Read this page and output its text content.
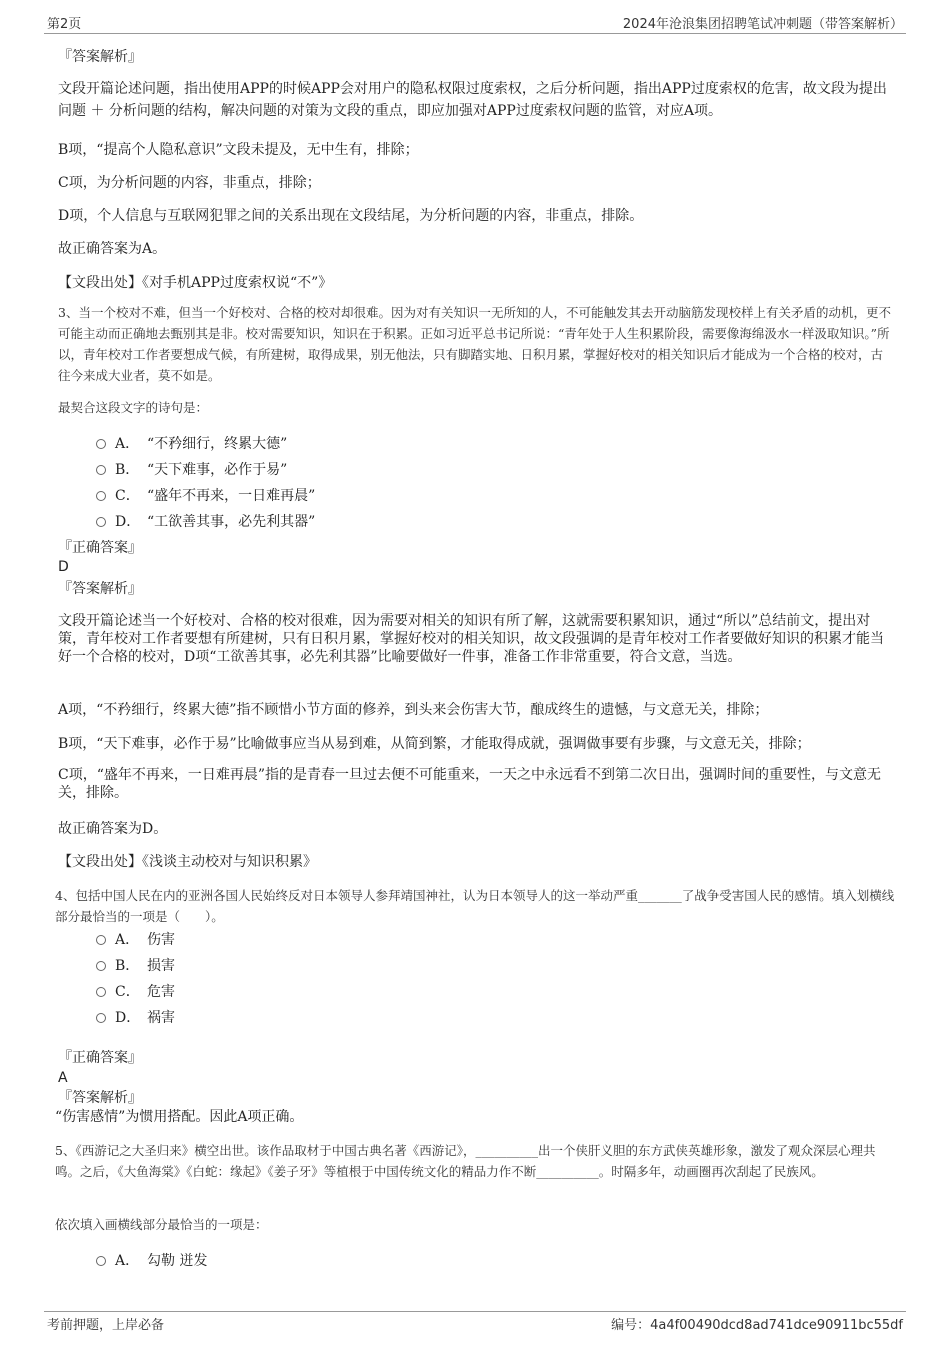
第2页	2024年沧浪集团招聘笔试冲刺题（带答案解析）
『答案解析』
文段开篇论述问题，指出使用APP的时候APP会对用户的隐私权限过度索权，之后分析问题，指出APP过度索权的危害，故文段为提出问题 ＋ 分析问题的结构，解决问题的对策为文段的重点，即应加强对APP过度索权问题的监管，对应A项。
B项，“提高个人隐私意识”文段未提及，无中生有，排除；
C项，为分析问题的内容，非重点，排除；
D项，个人信息与互联网犯罪之间的关系出现在文段结尾，为分析问题的内容，非重点，排除。
故正确答案为A。
【文段出处】《对手机APP过度索权说“不”》
3、当一个校对不难，但当一个好校对、合格的校对却很难。因为对有关知识一无所知的人，不可能触发其去开动脑筋发现校样上有关矛盾的动机，更不可能主动而正确地去甄别其是非。校对需要知识，知识在于积累。正如习近平总书记所说：“青年处于人生积累阶段，需要像海绵汲水一样汲取知识。”所以，青年校对工作者要想成气候，有所建树，取得成果，别无他法，只有脚踏实地、日积月累，掌握好校对的相关知识后才能成为一个合格的校对，古往今来成大业者，莫不如是。
最契合这段文字的诗句是：
A． “不矜细行，终累大德”
B． “天下难事，必作于易”
C． “盛年不再来，一日难再晨”
D． “工欲善其事，必先利其器”
『正确答案』
D
『答案解析』
文段开篇论述当一个好校对、合格的校对很难，因为需要对相关的知识有所了解，这就需要积累知识，通过“所以”总结前文，提出对策，青年校对工作者要想有所建树，只有日积月累，掌握好校对的相关知识，故文段强调的是青年校对工作者要做好知识的积累才能当好一个合格的校对，D项“工欲善其事，必先利其器”比喻要做好一件事，准备工作非常重要，符合文意，当选。
A项，“不矜细行，终累大德”指不顾惜小节方面的修养，到头来会伤害大节，酿成终生的遗憾，与文意无关，排除；
B项，“天下难事，必作于易”比喻做事应当从易到难，从简到繁，才能取得成就，强调做事要有步骤，与文意无关，排除；
C项，“盛年不再来，一日难再晨”指的是青春一旦过去便不可能重来，一天之中永远看不到第二次日出，强调时间的重要性，与文意无关，排除。
故正确答案为D。
【文段出处】《浅谈主动校对与知识积累》
4、包括中国人民在内的亚洲各国人民始终反对日本领导人参拜靖国神社，认为日本领导人的这一举动严重_______了战争受害国人民的感情。填入划横线部分最恰当的一项是（　　）。
A． 伤害
B． 损害
C． 危害
D． 祸害
『正确答案』
A
『答案解析』
“伤害感情”为惯用搭配。因此A项正确。
5、《西游记之大圣归来》横空出世。该作品取材于中国古典名著《西游记》，__________出一个侠肝义胆的东方武侠英雄形象，激发了观众深层心理共鸣。之后，《大鱼海棠》《白蛇：缘起》《姜子牙》等植根于中国传统文化的精品力作不断__________。时隔多年，动画圈再次刮起了民族风。
依次填入画横线部分最恰当的一项是：
A． 勾勒 迸发
考前押题，上岸必备	编号：4a4f00490dcd8ad741dce90911bc55df
